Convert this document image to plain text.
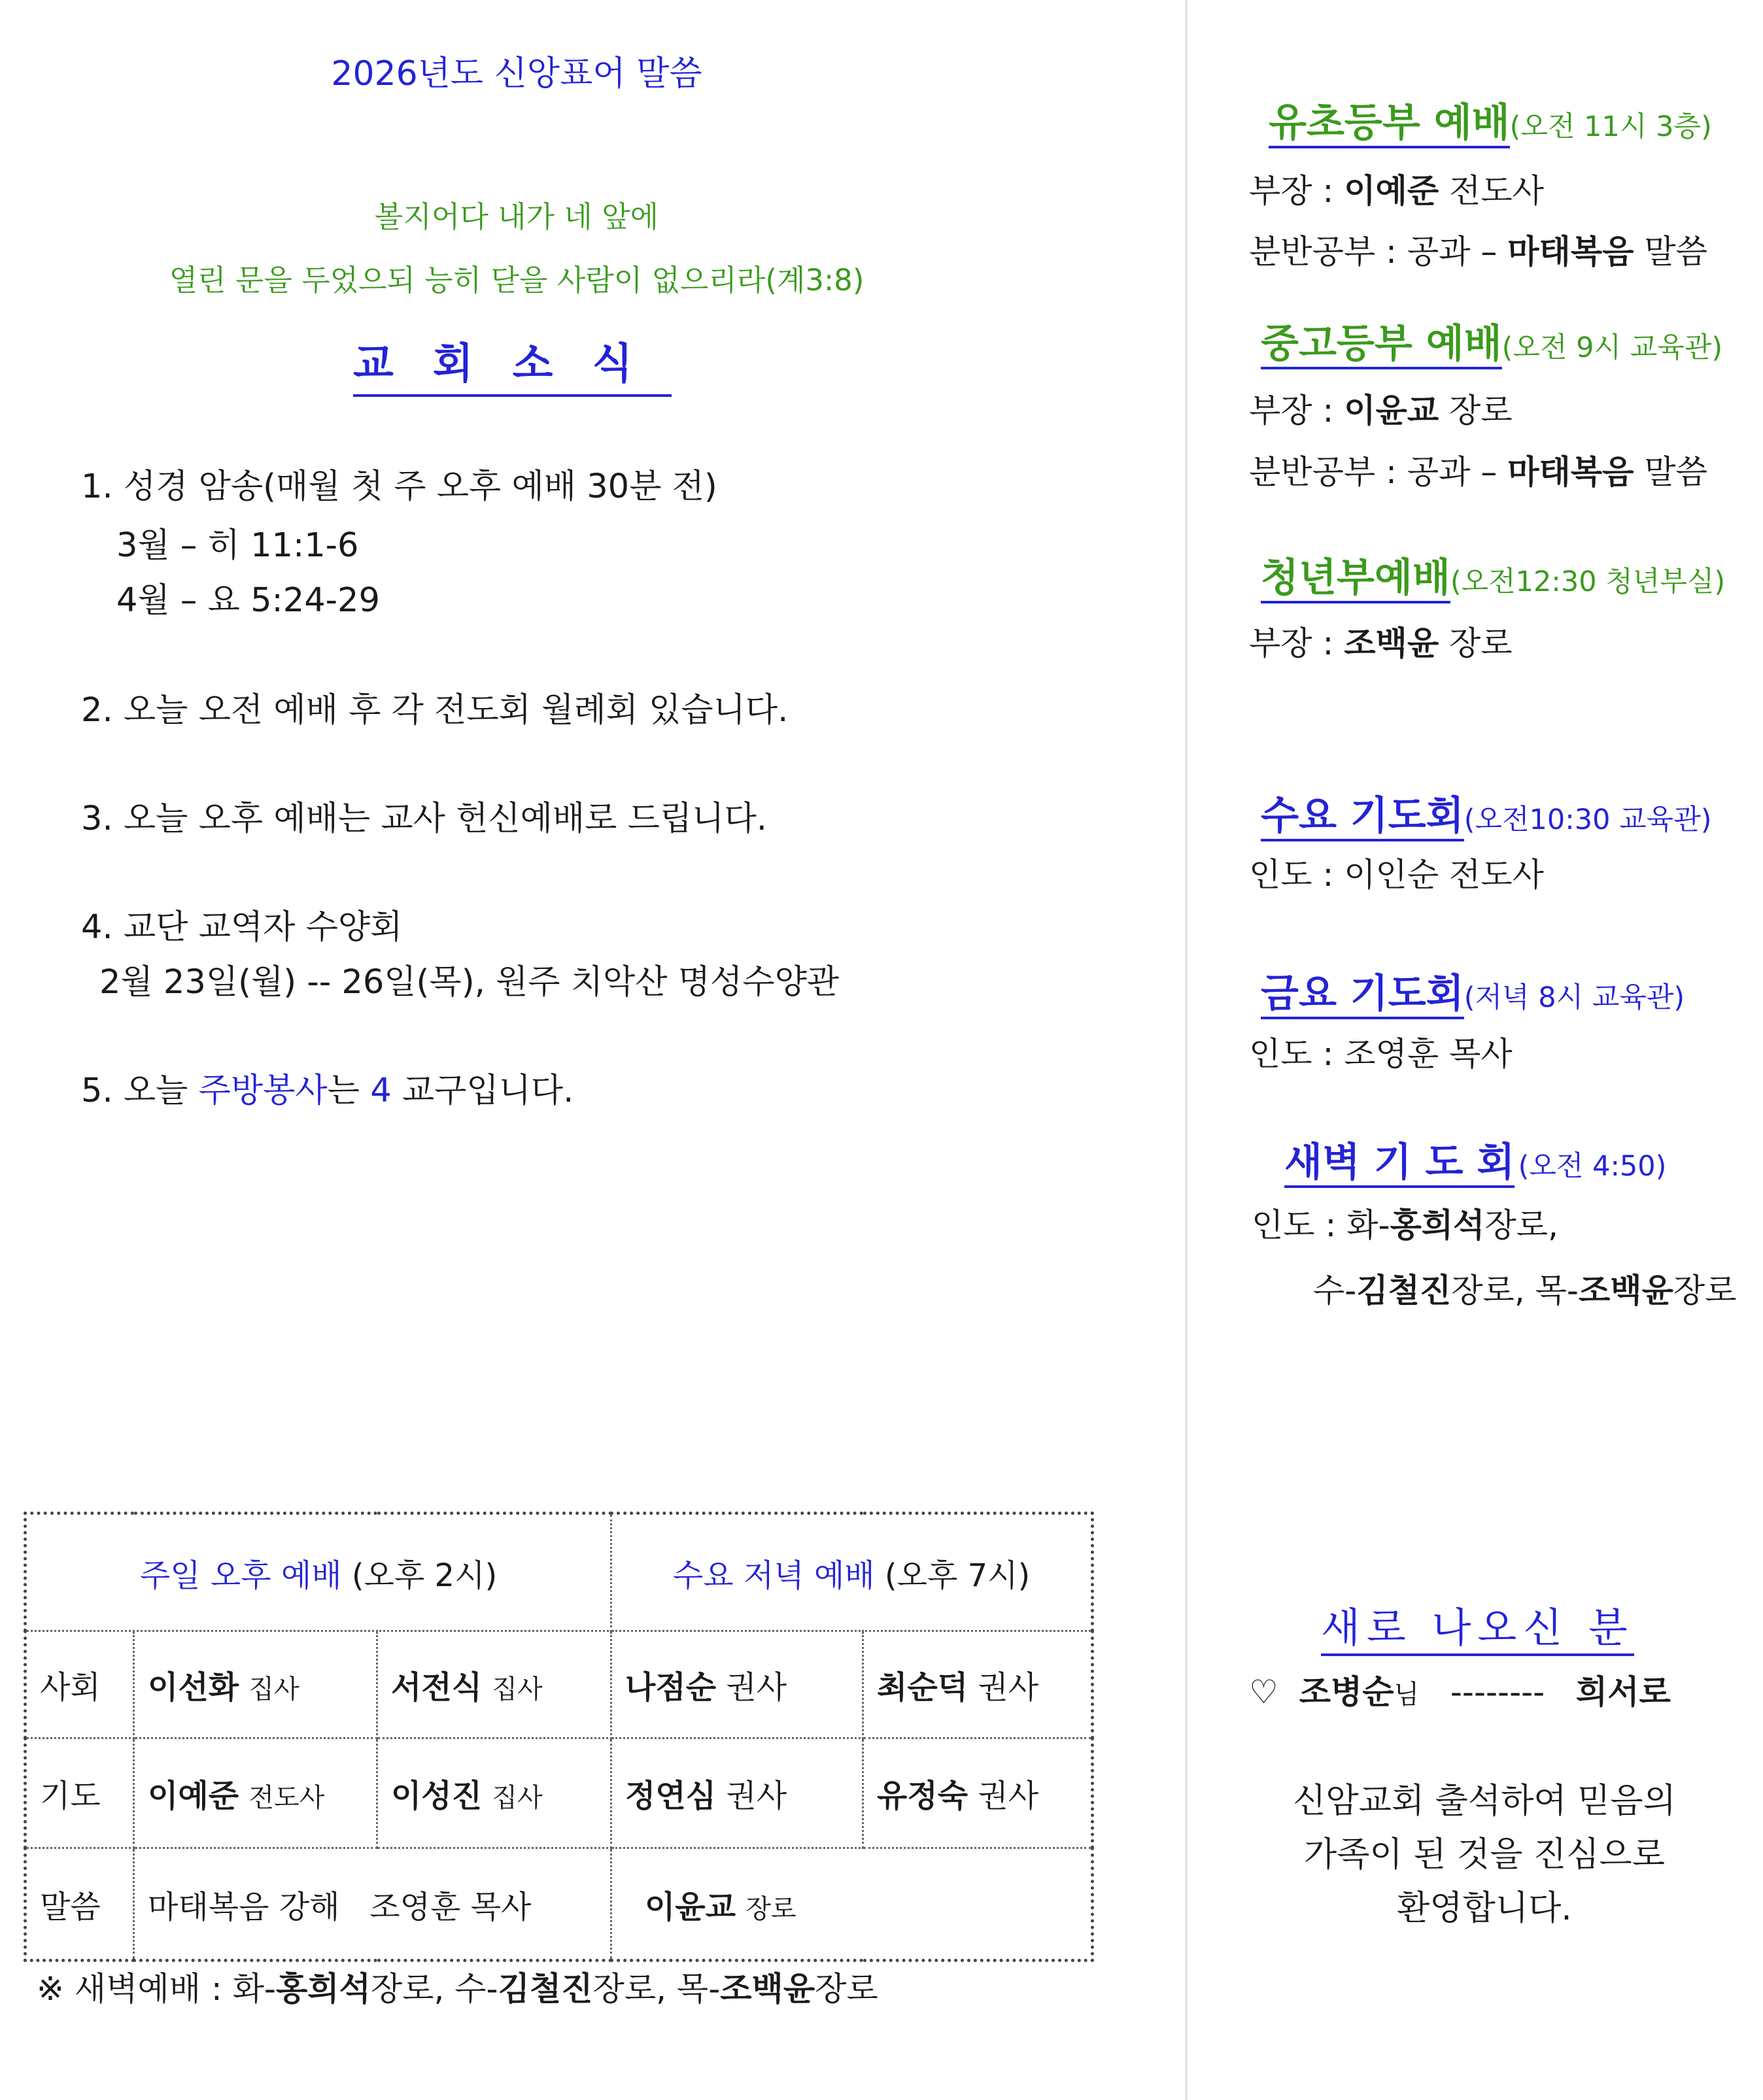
2026년도 신앙표어 말씀
볼지어다 내가 네 앞에
열린 문을 두었으되 능히 닫을 사람이 없으리라(계3:8)
교회소식
1. 성경 암송(매월 첫 주 오후 예배 30분 전)
3월 – 히 11:1-6
4월 – 요 5:24-29
2. 오늘 오전 예배 후 각 전도회 월례회 있습니다.
3. 오늘 오후 예배는 교사 헌신예배로 드립니다.
4. 교단 교역자 수양회
2월 23일(월) -- 26일(목), 원주 치악산 명성수양관
5. 오늘 주방봉사는 4 교구입니다.
주일 오후 예배 (오후 2시)			수요 저녁 예배 (오후 7시)	
사회	이선화 집사	서전식 집사	나점순 권사	최순덕 권사
기도	이예준 전도사	이성진 집사	정연심 권사	유정숙 권사
말씀	마태복음 강해 조영훈 목사		이윤교 장로	
※ 새벽예배 : 화-홍희석장로, 수-김철진장로, 목-조백윤장로
유초등부 예배(오전 11시 3층)
부장 : 이예준 전도사
분반공부 : 공과 – 마태복음 말씀
중고등부 예배(오전 9시 교육관)
부장 : 이윤교 장로
분반공부 : 공과 – 마태복음 말씀
청년부예배(오전12:30 청년부실)
부장 : 조백윤 장로
수요 기도회(오전10:30 교육관)
인도 : 이인순 전도사
금요 기도회(저녁 8시 교육관)
인도 : 조영훈 목사
새벽 기 도 회 (오전 4:50)
인도 : 화-홍희석장로,
수-김철진장로, 목-조백윤장로
새로 나오신 분
♡ 조병순님 -------- 희서로
신암교회 출석하여 믿음의
가족이 된 것을 진심으로
환영합니다.
